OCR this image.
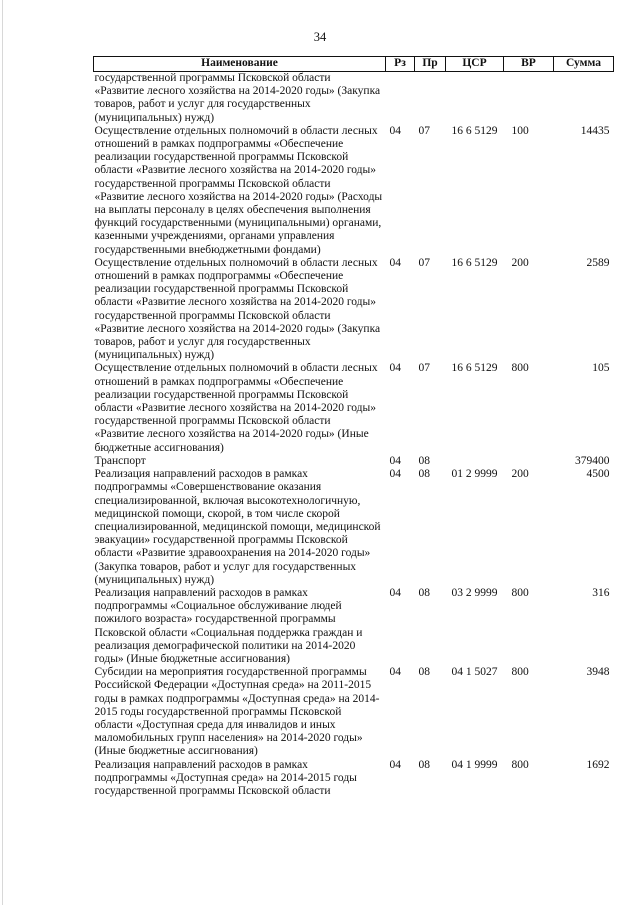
34
Наименование	Рз	Пр	ЦСР	ВР	Сумма
государственной программы Псковской области «Развитие лесного хозяйства на 2014-2020 годы» (Закупка товаров, работ и услуг для государственных (муниципальных) нужд)					
Осуществление отдельных полномочий в области лесных отношений в рамках подпрограммы «Обеспечение реализации государственной программы Псковской области «Развитие лесного хозяйства на 2014-2020 годы» государственной программы Псковской области «Развитие лесного хозяйства на 2014-2020 годы» (Расходы на выплаты персоналу в целях обеспечения выполнения функций государственными (муниципальными) органами, казенными учреждениями, органами управления государственными внебюджетными фондами)	04	07	16 6 5129	100	14435
Осуществление отдельных полномочий в области лесных отношений в рамках подпрограммы «Обеспечение реализации государственной программы Псковской области «Развитие лесного хозяйства на 2014-2020 годы» государственной программы Псковской области «Развитие лесного хозяйства на 2014-2020 годы» (Закупка товаров, работ и услуг для государственных (муниципальных) нужд)	04	07	16 6 5129	200	2589
Осуществление отдельных полномочий в области лесных отношений в рамках подпрограммы «Обеспечение реализации государственной программы Псковской области «Развитие лесного хозяйства на 2014-2020 годы» государственной программы Псковской области «Развитие лесного хозяйства на 2014-2020 годы» (Иные бюджетные ассигнования)	04	07	16 6 5129	800	105
Транспорт	04	08			379400
Реализация направлений расходов в рамках подпрограммы «Совершенствование оказания специализированной, включая высокотехнологичную, медицинской помощи, скорой, в том числе скорой специализированной, медицинской помощи, медицинской эвакуации» государственной программы Псковской области «Развитие здравоохранения на 2014-2020 годы» (Закупка товаров, работ и услуг для государственных (муниципальных) нужд)	04	08	01 2 9999	200	4500
Реализация направлений расходов в рамках подпрограммы «Социальное обслуживание людей пожилого возраста» государственной программы Псковской области «Социальная поддержка граждан и реализация демографической политики на 2014-2020 годы» (Иные бюджетные ассигнования)	04	08	03 2 9999	800	316
Субсидии на мероприятия государственной программы Российской Федерации «Доступная среда» на 2011-2015 годы в рамках подпрограммы «Доступная среда» на 2014-2015 годы государственной программы Псковской области «Доступная среда для инвалидов и иных маломобильных групп населения» на 2014-2020 годы» (Иные бюджетные ассигнования)	04	08	04 1 5027	800	3948
Реализация направлений расходов в рамках подпрограммы «Доступная среда» на 2014-2015 годы государственной программы Псковской области	04	08	04 1 9999	800	1692
